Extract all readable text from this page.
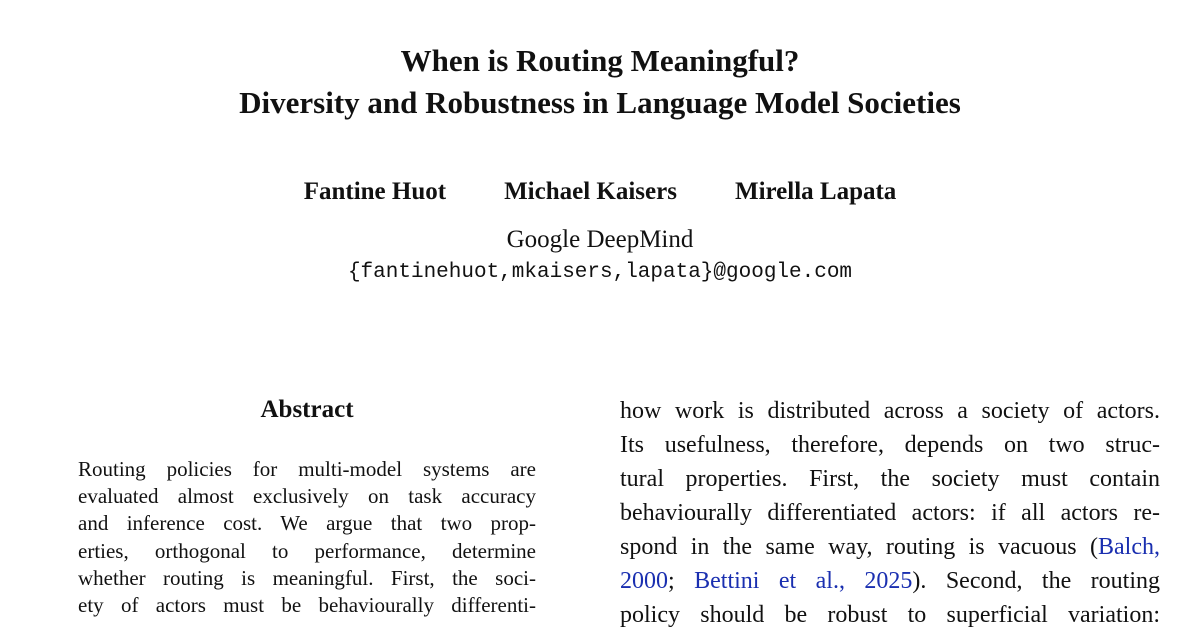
When is Routing Meaningful?
Diversity and Robustness in Language Model Societies
Fantine Huot Michael Kaisers Mirella Lapata
Google DeepMind
{fantinehuot,mkaisers,lapata}@google.com
Abstract
Routing policies for multi-model systems are
evaluated almost exclusively on task accuracy
and inference cost. We argue that two prop-
erties, orthogonal to performance, determine
whether routing is meaningful. First, the soci-
ety of actors must be behaviourally differenti-
how work is distributed across a society of actors.
Its usefulness, therefore, depends on two struc-
tural properties. First, the society must contain
behaviourally differentiated actors: if all actors re-
spond in the same way, routing is vacuous (Balch,
2000; Bettini et al., 2025). Second, the routing
policy should be robust to superficial variation:
